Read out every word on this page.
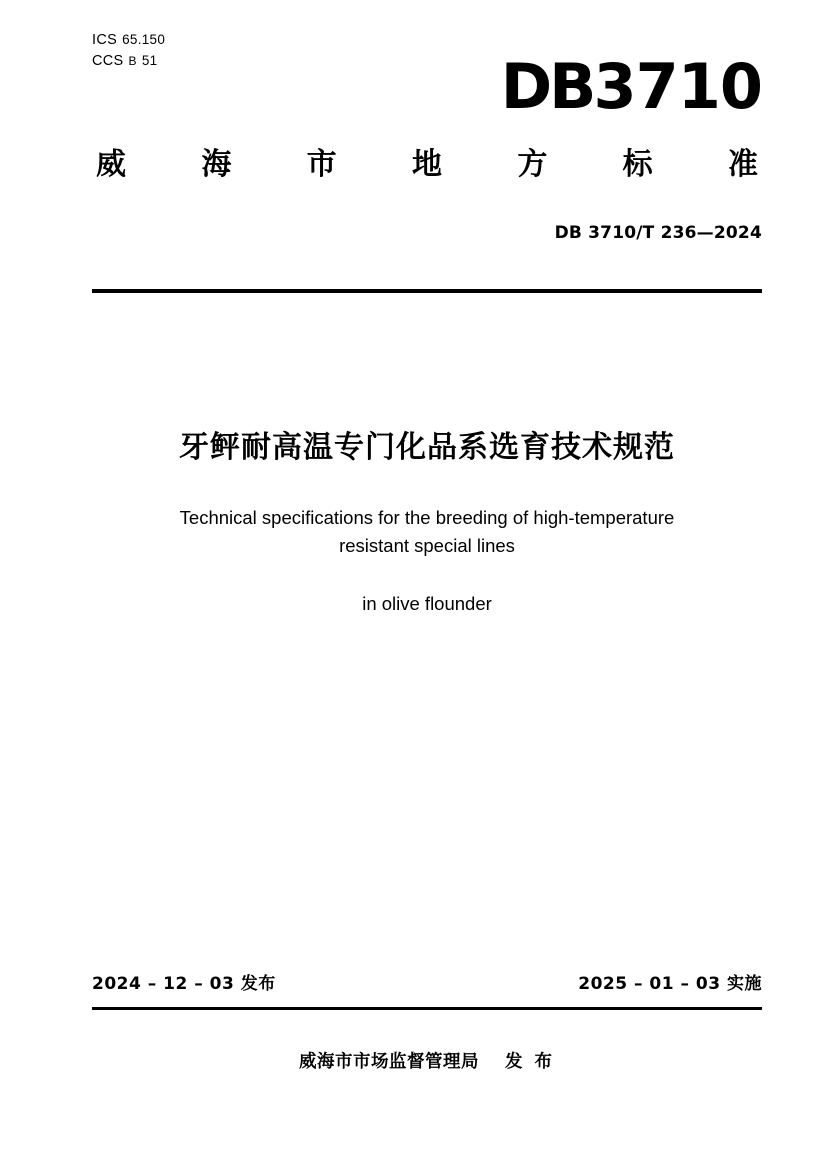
ICS 65.150
CCS B 51	DB3710
威	海	市	地	方	标	准
DB 3710/T 236—2024
牙鲆耐高温专门化品系选育技术规范
Technical specifications for the breeding of high-temperature
resistant special lines
in olive flounder
2024 – 12 – 03 发布	2025 – 01 – 03 实施
威海市市场监督管理局 发 布
